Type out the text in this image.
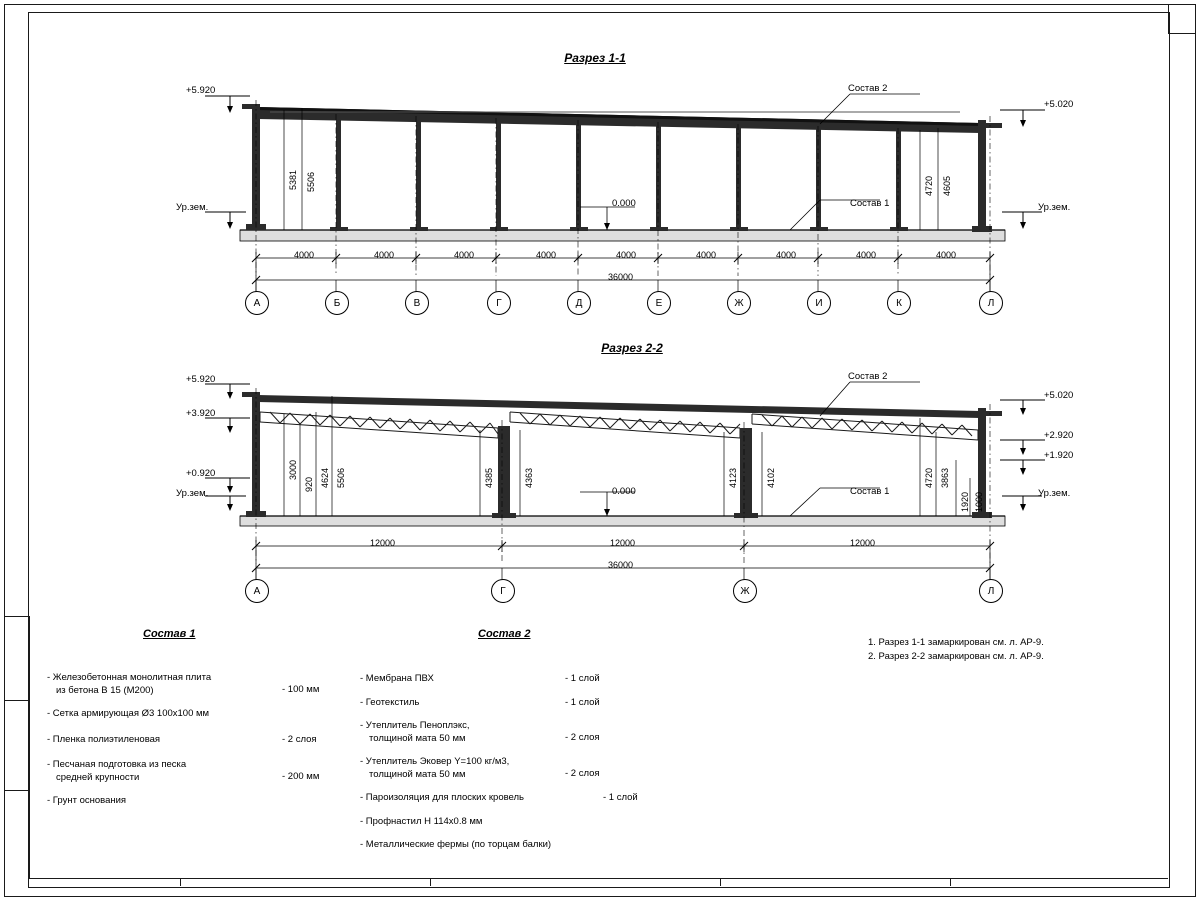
Разрез 1-1
+5.920
+5.020
Ур.зем.	Ур.зем.
0.000
Состав 2
Состав 1
5381 5506	4720 4605
4000	4000	4000	4000	4000	4000	4000	4000	4000
36000
А	Б	В	Г	Д	Е	Ж	И	К	Л
Разрез 2-2
+5.920
+3.920
+0.920
Ур.зем.
+5.020
+2.920
+1.920
Ур.зем.
0.000
Состав 2
Состав 1
3000
920 4624 5506	4385	4363	4123	4102	4720 3863
1920 1000
12000	12000	12000
36000
А	Г	Ж	Л
Состав 1
- Железобетонная монолитная плита
из бетона В 15 (М200)	- 100 мм
- Сетка армирующая Ø3 100х100 мм
- Пленка полиэтиленовая	- 2 слоя
- Песчаная подготовка из песка
средней крупности	- 200 мм
- Грунт основания
Состав 2
- Мембрана ПВХ	- 1 слой
- Геотекстиль	- 1 слой
- Утеплитель Пеноплэкс,
толщиной мата 50 мм	- 2 слоя
- Утеплитель Эковер Y=100 кг/м3,
толщиной мата 50 мм	- 2 слоя
- Пароизоляция для плоских кровель	- 1 слой
- Профнастил Н 114х0.8 мм
- Металлические фермы (по торцам балки)
1. Разрез 1-1 замаркирован см. л. АР-9.
2. Разрез 2-2 замаркирован см. л. АР-9.
